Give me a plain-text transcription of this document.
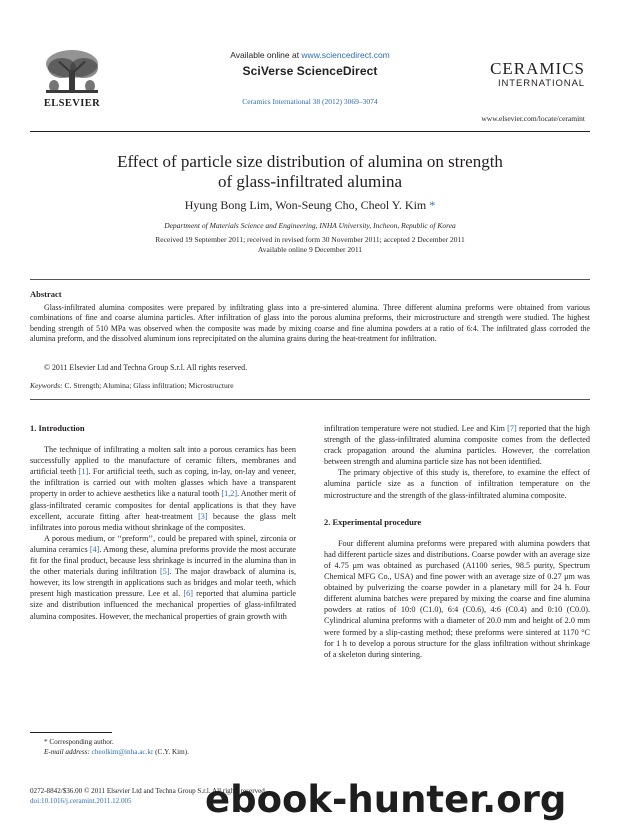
ELSEVIER
Available online at www.sciencedirect.com
SciVerse ScienceDirect
Ceramics International 38 (2012) 3069–3074
CERAMICS
INTERNATIONAL
www.elsevier.com/locate/ceramint
Effect of particle size distribution of alumina on strength
of glass-infiltrated alumina
Hyung Bong Lim, Won-Seung Cho, Cheol Y. Kim *
Department of Materials Science and Engineering, INHA University, Incheon, Republic of Korea
Received 19 September 2011; received in revised form 30 November 2011; accepted 2 December 2011
Available online 9 December 2011
Abstract
Glass-infiltrated alumina composites were prepared by infiltrating glass into a pre-sintered alumina. Three different alumina preforms were obtained from various combinations of fine and coarse alumina particles. After infiltration of glass into the porous alumina preforms, their microstructure and strength were studied. The highest bending strength of 510 MPa was observed when the composite was made by mixing coarse and fine alumina powders at a ratio of 6:4. The infiltrated glass corroded the alumina preform, and the dissolved aluminum ions reprecipitated on the alumina grains during the heat-treatment for infiltration.
© 2011 Elsevier Ltd and Techna Group S.r.l. All rights reserved.
Keywords: C. Strength; Alumina; Glass infiltration; Microstructure
1. Introduction

The technique of infiltrating a molten salt into a porous ceramics has been successfully applied to the manufacture of ceramic filters, membranes and artificial teeth [1]. For artificial teeth, such as coping, in-lay, on-lay and veneer, the infiltration is carried out with molten glasses which have a transparent property in order to achieve aesthetics like a natural tooth [1,2]. Another merit of glass-infiltrated ceramic composites for dental applications is that they have excellent, accurate fitting after heat-treatment [3] because the glass melt infiltrates into porous media without shrinkage of the composites.

A porous medium, or ‘‘preform’’, could be prepared with spinel, zirconia or alumina ceramics [4]. Among these, alumina preforms provide the most accurate fit for the final product, because less shrinkage is incurred in the alumina than in the other materials during infiltration [5]. The major drawback of alumina is, however, its low strength in applications such as bridges and molar teeth, which present high mastication pressure. Lee et al. [6] reported that alumina particle size and distribution influenced the mechanical properties of glass-infiltrated alumina composites. However, the mechanical properties of grain growth with

infiltration temperature were not studied. Lee and Kim [7] reported that the high strength of the glass-infiltrated alumina composite comes from the deflected crack propagation around the alumina particles. However, the correlation between strength and alumina particle size has not been identified.

The primary objective of this study is, therefore, to examine the effect of alumina particle size as a function of infiltration temperature on the microstructure and the strength of the glass-infiltrated alumina composite.

2. Experimental procedure

Four different alumina preforms were prepared with alumina powders that had different particle sizes and distributions. Coarse powder with an average size of 4.75 μm was obtained as purchased (A1100 series, 98.5 purity, Spectrum Chemical MFG Co., USA) and fine power with an average size of 0.27 μm was obtained by pulverizing the coarse powder in a planetary mill for 24 h. Four different alumina batches were prepared by mixing the coarse and fine alumina powders at ratios of 10:0 (C1.0), 6:4 (C0.6), 4:6 (C0.4) and 0:10 (C0.0). Cylindrical alumina preforms with a diameter of 20.0 mm and height of 2.0 mm were formed by a slip-casting method; these preforms were sintered at 1170 °C for 1 h to develop a porous structure for the glass infiltration without shrinkage of a skeleton during sintering.

* Corresponding author.
E-mail address: cheolkim@inha.ac.kr (C.Y. Kim).
0272-8842/$36.00 © 2011 Elsevier Ltd and Techna Group S.r.l. All rights reserved.
doi:10.1016/j.ceramint.2011.12.005	ebook-hunter.org
